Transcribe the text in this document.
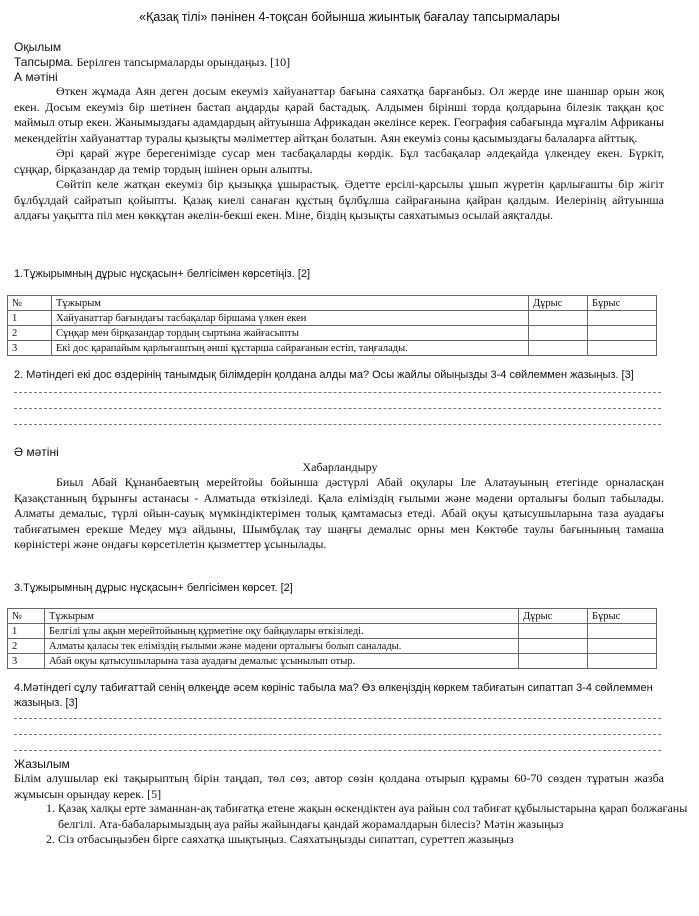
«Қазақ тілі» пәнінен 4-тоқсан бойынша жиынтық бағалау тапсырмалары
Оқылым
Тапсырма. Берілген тапсырмаларды орындаңыз. [10]
А мәтіні

Өткен жұмада Аян деген досым екеуміз хайуанаттар бағына саяхатқа барғанбыз. Ол жерде ине шаншар орын жоқ екен. Досым екеуміз бір шетінен бастап аңдарды қарай бастадық. Алдымен бірінші торда қолдарына білезік таққан қос маймыл отыр екен. Жанымыздағы адамдардың айтуынша Африкадан әкелінсе керек. География сабағында мұғалім Африканы мекендейтін хайуанаттар туралы қызықты мәліметтер айтқан болатын. Аян екеуміз соны қасымыздағы балаларға айттық.

Әрі қарай жүре берегенімізде сусар мен тасбақаларды көрдік. Бұл тасбақалар әлдеқайда үлкендеу екен. Бүркіт, сұңқар, бірқазандар да темір тордың ішінен орын алыпты.

Сөйтіп келе жатқан екеуміз бір қызыққа ұшырастық. Әдетте ерсілі-қарсылы ұшып жүретін қарлығашты бір жігіт бұлбұлдай сайратып қойыпты. Қазақ киелі санаған құстың бұлбұлша сайрағанына қайран қалдым. Иелерінің айтуынша алдағы уақытта піл мен көкқұтан әкелін-бекші екен. Міне, біздің қызықты саяхатымыз осылай аяқталды.

1.Тұжырымның дұрыс нұсқасын+ белгісімен көрсетіңіз. [2]
№	Тұжырым	Дұрыс	Бұрыс
1	Хайуанаттар бағындағы тасбақалар біршама үлкен екен		
2	Сұңқар мен бірқазандар тордың сыртына жайғасыпты		
3	Екі дос қарапайым қарлығаштың әнші құстарша сайрағанын естіп, таңғалады.		
2. Мәтіндегі екі дос өздерінің танымдық білімдерін қолдана алды ма? Осы жайлы ойыңызды 3-4 сөйлеммен жазыңыз. [3]
Ә мәтіні
Хабарландыру

Биыл Абай Құнанбаевтың мерейтойы бойынша дәстүрлі Абай оқулары Іле Алатауының етегінде орналасқан Қазақстанның бұрынғы астанасы - Алматыда өткізіледі. Қала еліміздің ғылыми және мәдени орталығы болып табылады. Алматы демалыс, түрлі ойын-сауық мүмкіндіктерімен толық қамтамасыз етеді. Абай оқуы қатысушыларына таза ауадағы табиғатымен ерекше Медеу мұз айдыны, Шымбұлақ тау шаңғы демалыс орны мен Көктөбе таулы бағынының тамаша көріністері және ондағы көрсетілетін қызметтер ұсынылады.

3.Тұжырымның дұрыс нұсқасын+ белгісімен көрсет. [2]
№	Тұжырым	Дұрыс	Бұрыс
1	Белгілі ұлы ақын мерейтойының құрметіне оқу байқаулары өткізіледі.		
2	Алматы қаласы тек еліміздің ғылыми және мәдени орталығы болып саналады.		
3	Абай оқуы қатысушыларына таза ауадағы демалыс ұсынылып отыр.		
4.Мәтіндегі сұлу табиғаттай сенің өлкеңде әсем көрініс табыла ма? Өз өлкеңіздің көркем табиғатын сипаттап 3-4 сөйлеммен
жазыңыз. [3]
Жазылым
Білім алушылар екі тақырыптың бірін таңдап, төл сөз, автор сөзін қолдана отырып құрамы 60-70 сөзден тұратын жазба жұмысын орындау керек. [5]
1. Қазақ халқы ерте заманнан-ақ табиғатқа етене жақын өскендіктен ауа райын сол табиғат құбылыстарына қарап болжағаны белгілі. Ата-бабаларымыздың ауа райы жайындағы қандай жорамалдарын білесіз? Мәтін жазыңыз
2. Сіз отбасыңызбен бірге саяхатқа шықтыңыз. Саяхатыңызды сипаттап, суреттеп жазыңыз
